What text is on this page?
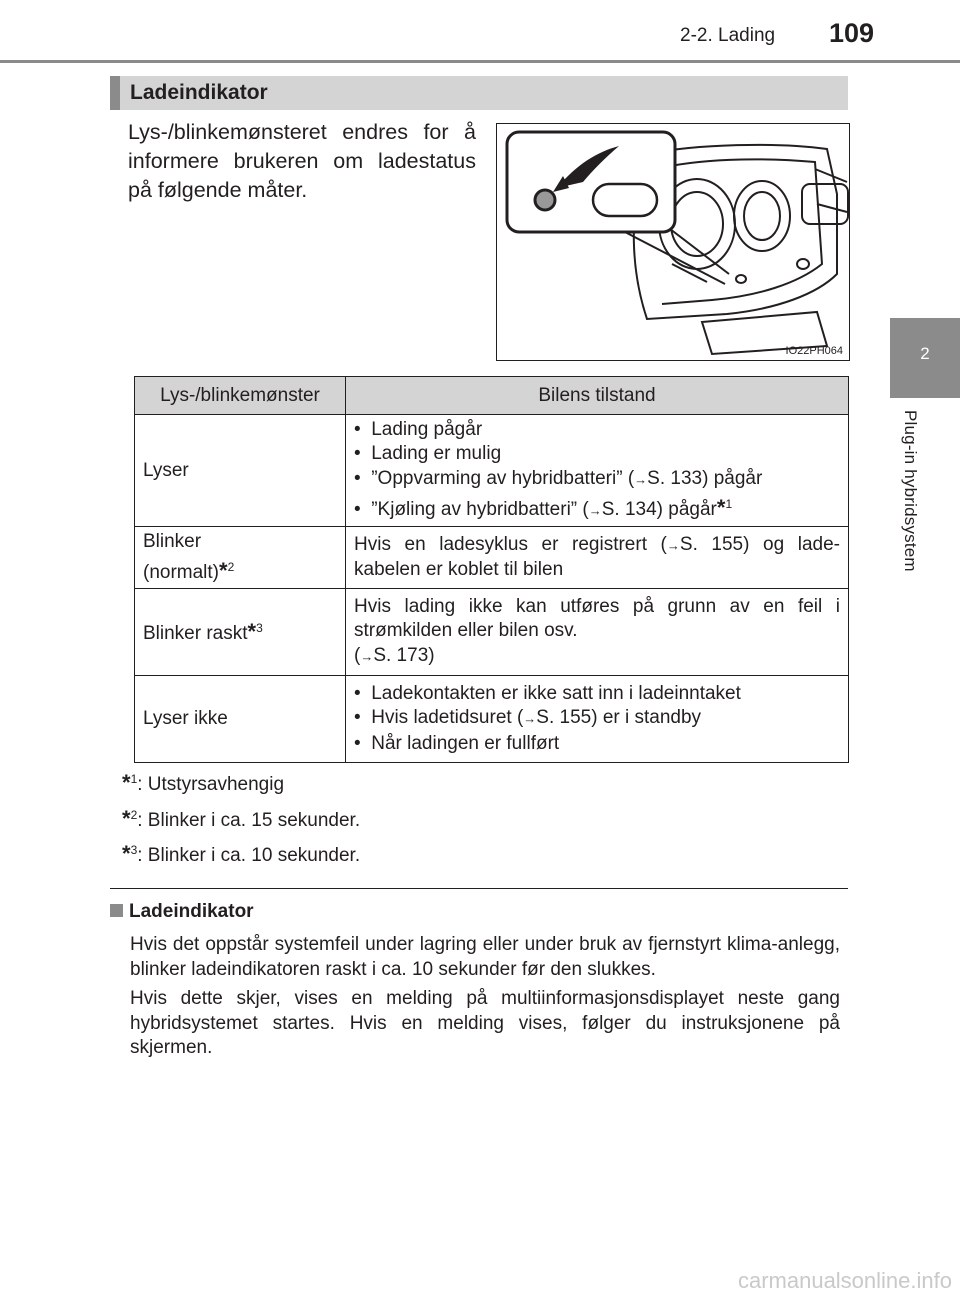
2-2. Lading 109
2
Plug-in hybridsystem
Ladeindikator
Lys-/blinkemønsteret endres for å informere brukeren om ladestatus på følgende måter.
IO22PH064
Lys-/blinkemønster	Bilens tilstand
Lyser	• Lading pågår
• Lading er mulig
• ”Oppvarming av hybridbatteri” (→S. 133) pågår
• ”Kjøling av hybridbatteri” (→S. 134) pågår*$^1$

Blinker
(normalt)*$^2$	Hvis en ladesyklus er registrert (→S. 155) og lade-kabelen er koblet til bilen

Blinker raskt*$^3$	Hvis lading ikke kan utføres på grunn av en feil i strømkilden eller bilen osv.
(→S. 173)

Lyser ikke	• Ladekontakten er ikke satt inn i ladeinntaket
• Hvis ladetidsuret (→S. 155) er i standby
• Når ladingen er fullført
*$^1$: Utstyrsavhengig
*$^2$: Blinker i ca. 15 sekunder.
*$^3$: Blinker i ca. 10 sekunder.
Ladeindikator
Hvis det oppstår systemfeil under lagring eller under bruk av fjernstyrt klima-anlegg, blinker ladeindikatoren raskt i ca. 10 sekunder før den slukkes.
Hvis dette skjer, vises en melding på multiinformasjonsdisplayet neste gang hybridsystemet startes. Hvis en melding vises, følger du instruksjonene på skjermen.
carmanualsonline.info
